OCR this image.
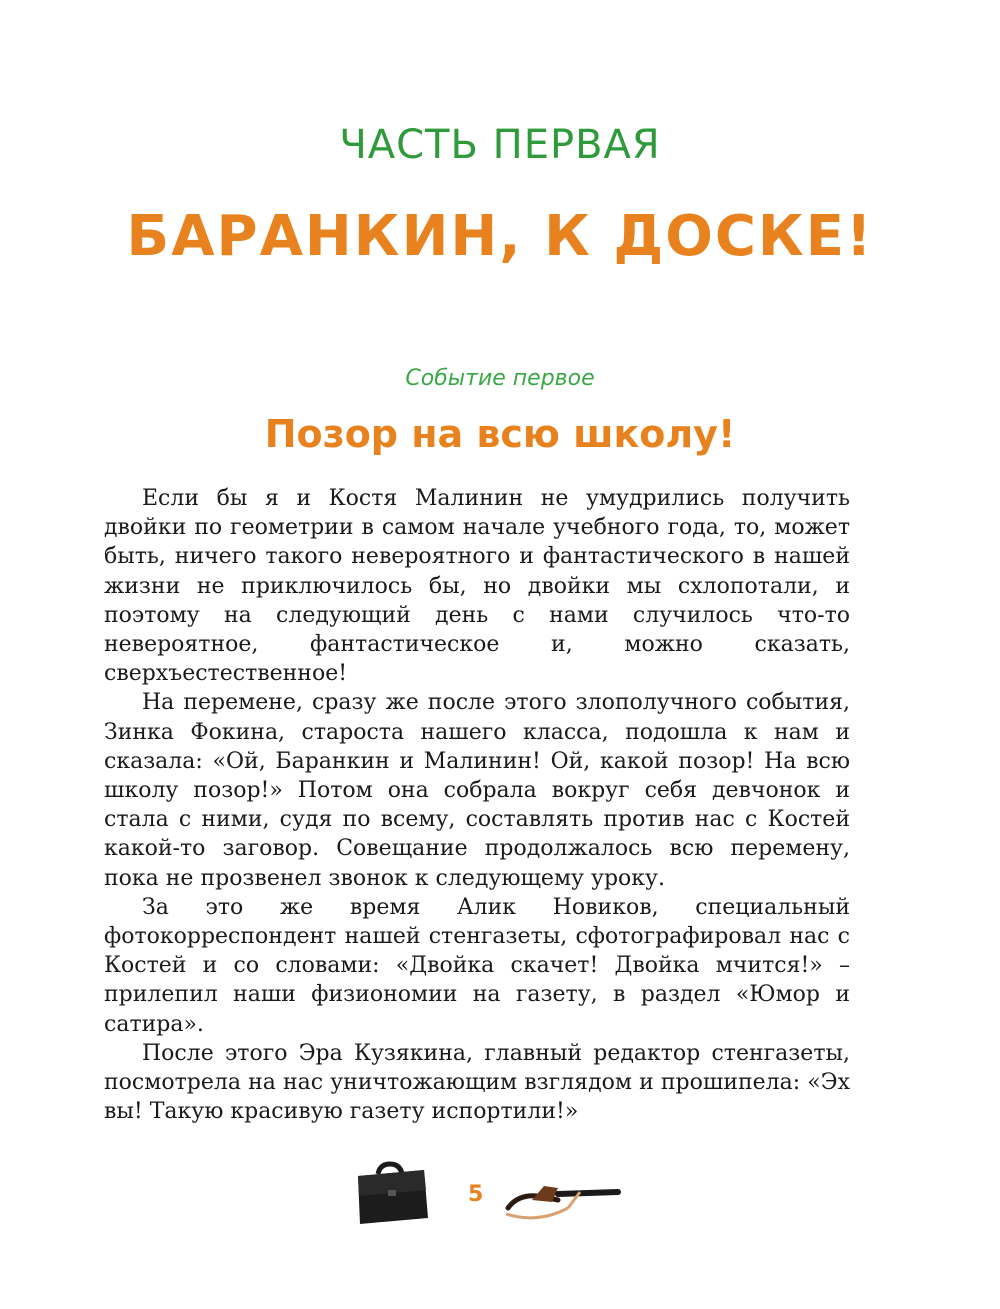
ЧАСТЬ ПЕРВАЯ
БАРАНКИН, К ДОСКЕ!
Событие первое
Позор на всю школу!

Если бы я и Костя Малинин не умудрились получить двойки по геометрии в самом начале учебного года, то, может быть, ничего такого невероятного и фантастического в нашей жизни не приключилось бы, но двойки мы схлопотали, и поэтому на следующий день с нами случилось что-то невероятное, фантастическое и, можно сказать, сверхъестественное!

На перемене, сразу же после этого злополучного события, Зинка Фокина, староста нашего класса, подошла к нам и сказала: «Ой, Баранкин и Малинин! Ой, какой позор! На всю школу позор!» Потом она собрала вокруг себя девчонок и стала с ними, судя по всему, составлять против нас с Костей какой-то заговор. Совещание продолжалось всю перемену, пока не прозвенел звонок к следующему уроку.

За это же время Алик Новиков, специальный фотокорреспондент нашей стенгазеты, сфотографировал нас с Костей и со словами: «Двойка скачет! Двойка мчится!» – прилепил наши физиономии на газету, в раздел «Юмор и сатира».

После этого Эра Кузякина, главный редактор стенгазеты, посмотрела на нас уничтожающим взглядом и прошипела: «Эх вы! Такую красивую газету испортили!»

5
